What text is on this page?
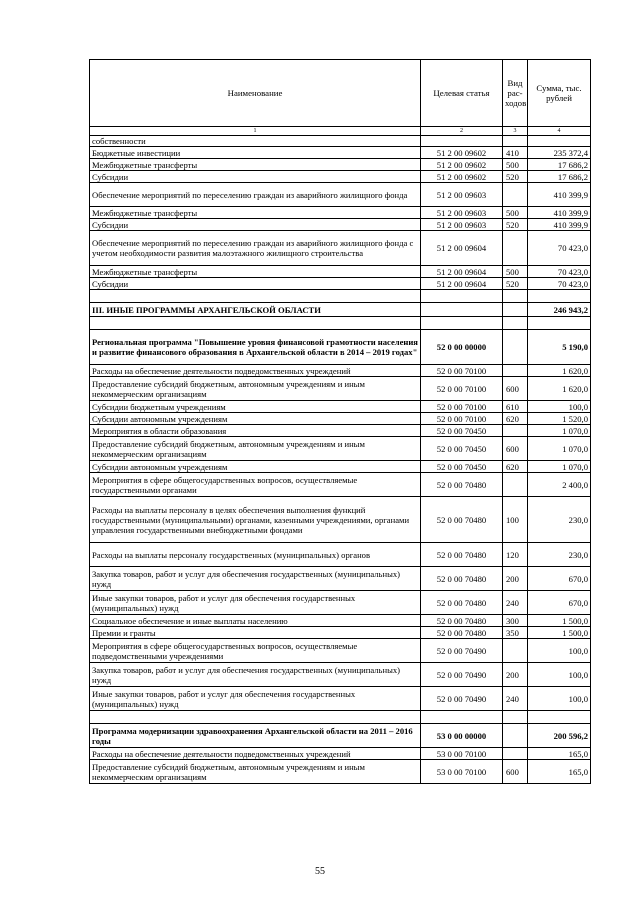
Наименование	Целевая статья	Вид рас-ходов	Сумма, тыс. рублей
1	2	3	4
собственности			
Бюджетные инвестиции	51 2 00 09602	410	235 372,4
Межбюджетные трансферты	51 2 00 09602	500	17 686,2
Субсидии	51 2 00 09602	520	17 686,2
Обеспечение мероприятий по переселению граждан из аварийного жилищного фонда	51 2 00 09603		410 399,9
Межбюджетные трансферты	51 2 00 09603	500	410 399,9
Субсидии	51 2 00 09603	520	410 399,9
Обеспечение мероприятий по переселению граждан из аварийного жилищного фонда с учетом необходимости развития малоэтажного жилищного строительства	51 2 00 09604		70 423,0
Межбюджетные трансферты	51 2 00 09604	500	70 423,0
Субсидии	51 2 00 09604	520	70 423,0

III. ИНЫЕ ПРОГРАММЫ АРХАНГЕЛЬСКОЙ ОБЛАСТИ			246 943,2

Региональная программа "Повышение уровня финансовой грамотности населения и развитие финансового образования в Архангельской области в 2014 – 2019 годах"	52 0 00 00000		5 190,0
Расходы на обеспечение деятельности подведомственных учреждений	52 0 00 70100		1 620,0
Предоставление субсидий бюджетным, автономным учреждениям и иным некоммерческим организациям	52 0 00 70100	600	1 620,0
Субсидии бюджетным учреждениям	52 0 00 70100	610	100,0
Субсидии автономным учреждениям	52 0 00 70100	620	1 520,0
Мероприятия в области образования	52 0 00 70450		1 070,0
Предоставление субсидий бюджетным, автономным учреждениям и иным некоммерческим организациям	52 0 00 70450	600	1 070,0
Субсидии автономным учреждениям	52 0 00 70450	620	1 070,0
Мероприятия в сфере общегосударственных вопросов, осуществляемые государственными органами	52 0 00 70480		2 400,0
Расходы на выплаты персоналу в целях обеспечения выполнения функций государственными (муниципальными) органами, казенными учреждениями, органами управления государственными внебюджетными фондами	52 0 00 70480	100	230,0
Расходы на выплаты персоналу государственных (муниципальных) органов	52 0 00 70480	120	230,0
Закупка товаров, работ и услуг для обеспечения государственных (муниципальных) нужд	52 0 00 70480	200	670,0
Иные закупки товаров, работ и услуг для обеспечения государственных (муниципальных) нужд	52 0 00 70480	240	670,0
Социальное обеспечение и иные выплаты населению	52 0 00 70480	300	1 500,0
Премии и гранты	52 0 00 70480	350	1 500,0
Мероприятия в сфере общегосударственных вопросов, осуществляемые подведомственными учреждениями	52 0 00 70490		100,0
Закупка товаров, работ и услуг для обеспечения государственных (муниципальных) нужд	52 0 00 70490	200	100,0
Иные закупки товаров, работ и услуг для обеспечения государственных (муниципальных) нужд	52 0 00 70490	240	100,0

Программа модернизации здравоохранения Архангельской области на 2011 – 2016 годы	53 0 00 00000		200 596,2
Расходы на обеспечение деятельности подведомственных учреждений	53 0 00 70100		165,0
Предоставление субсидий бюджетным, автономным учреждениям и иным некоммерческим организациям	53 0 00 70100	600	165,0
55
